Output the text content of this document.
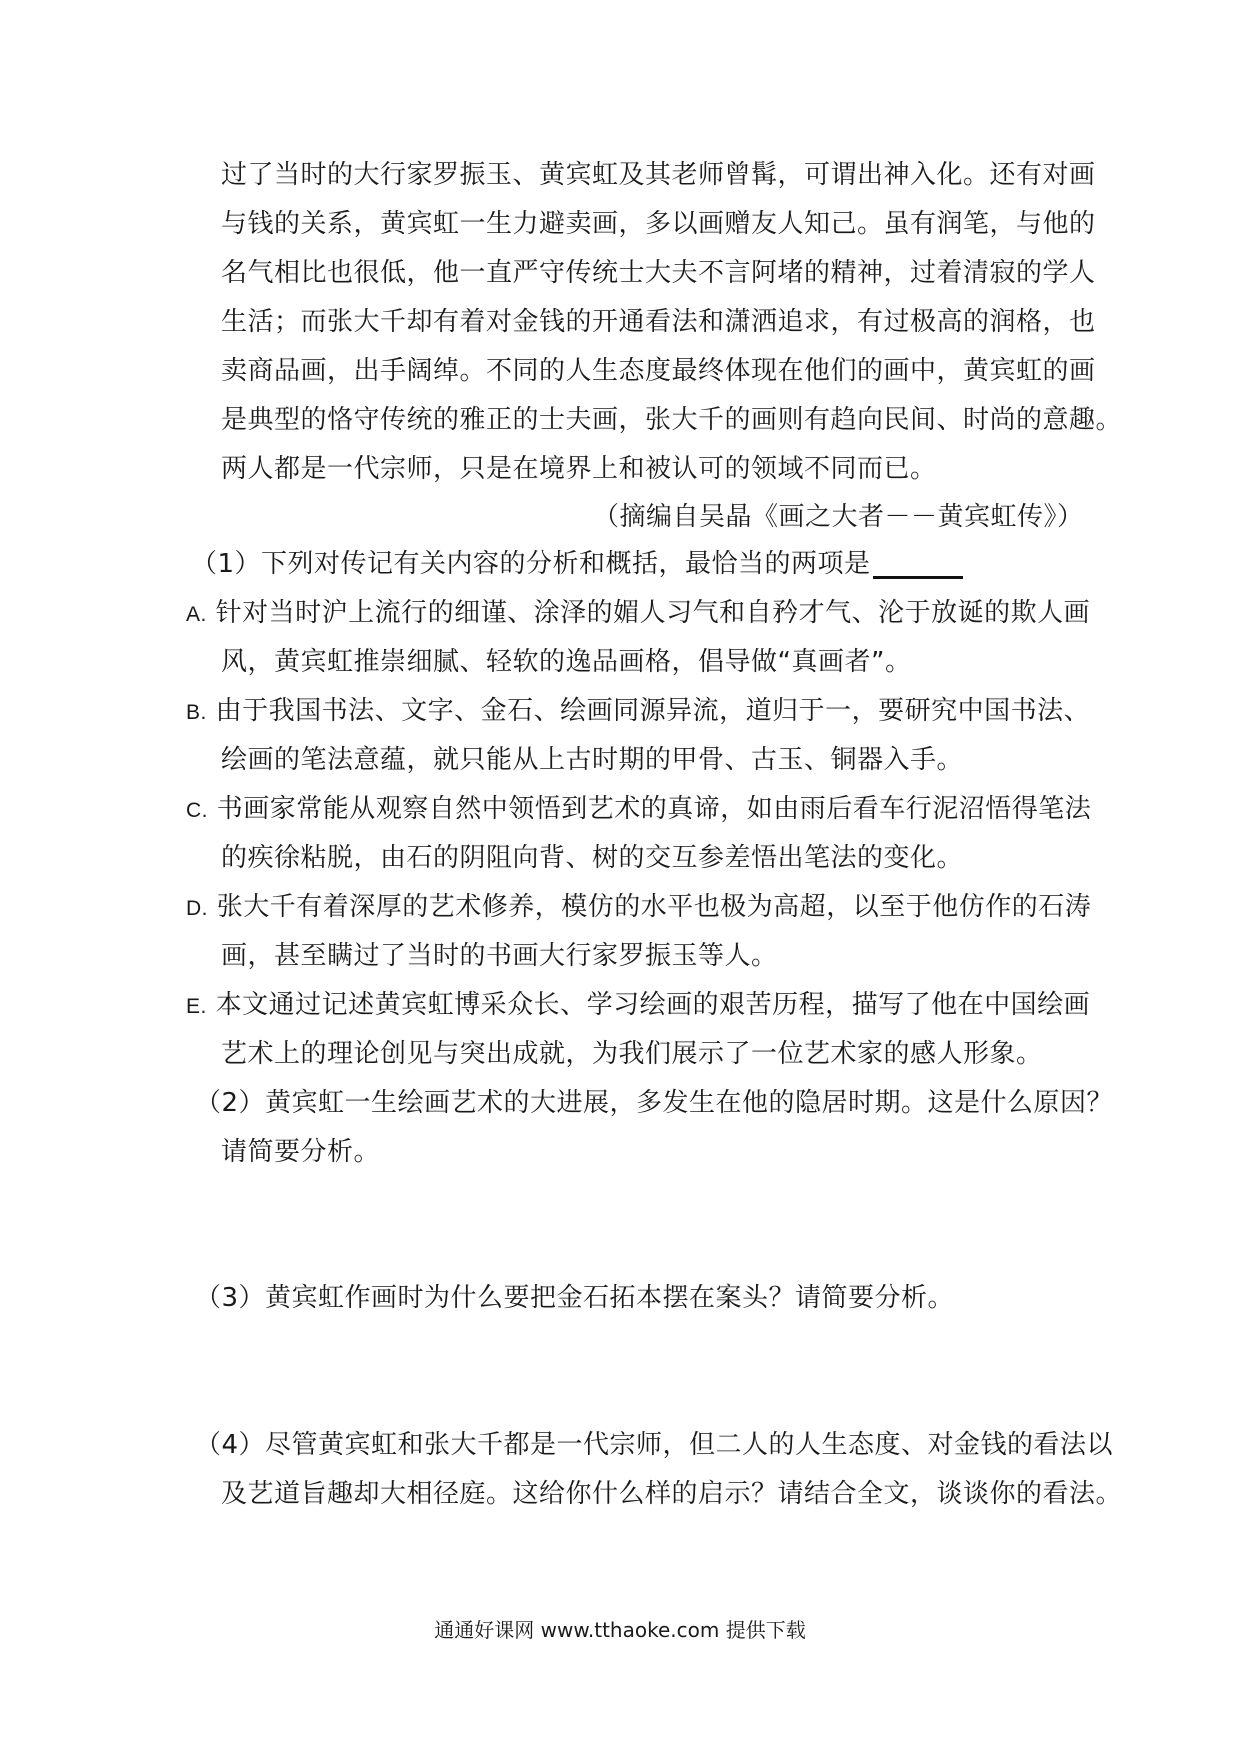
过了当时的大行家罗振玉、黄宾虹及其老师曾髯，可谓出神入化。还有对画
与钱的关系，黄宾虹一生力避卖画，多以画赠友人知己。虽有润笔，与他的
名气相比也很低，他一直严守传统士大夫不言阿堵的精神，过着清寂的学人
生活；而张大千却有着对金钱的开通看法和潇洒追求，有过极高的润格，也
卖商品画，出手阔绰。不同的人生态度最终体现在他们的画中，黄宾虹的画
是典型的恪守传统的雅正的士夫画，张大千的画则有趋向民间、时尚的意趣。
两人都是一代宗师，只是在境界上和被认可的领域不同而已。
（摘编自吴晶《画之大者－－黄宾虹传》）
（1）下列对传记有关内容的分析和概括，最恰当的两项是
A. 针对当时沪上流行的细谨、涂泽的媚人习气和自矜才气、沦于放诞的欺人画
风，黄宾虹推崇细腻、轻软的逸品画格，倡导做“真画者”。
B. 由于我国书法、文字、金石、绘画同源异流，道归于一，要研究中国书法、
绘画的笔法意蕴，就只能从上古时期的甲骨、古玉、铜器入手。
C. 书画家常能从观察自然中领悟到艺术的真谛，如由雨后看车行泥沼悟得笔法
的疾徐粘脱，由石的阴阻向背、树的交互参差悟出笔法的变化。
D. 张大千有着深厚的艺术修养，模仿的水平也极为高超，以至于他仿作的石涛
画，甚至瞒过了当时的书画大行家罗振玉等人。
E. 本文通过记述黄宾虹博采众长、学习绘画的艰苦历程，描写了他在中国绘画
艺术上的理论创见与突出成就，为我们展示了一位艺术家的感人形象。
（2）黄宾虹一生绘画艺术的大进展，多发生在他的隐居时期。这是什么原因？
请简要分析。
（3）黄宾虹作画时为什么要把金石拓本摆在案头？请简要分析。
（4）尽管黄宾虹和张大千都是一代宗师，但二人的人生态度、对金钱的看法以
及艺道旨趣却大相径庭。这给你什么样的启示？请结合全文，谈谈你的看法。
通通好课网 www.tthaoke.com 提供下载
